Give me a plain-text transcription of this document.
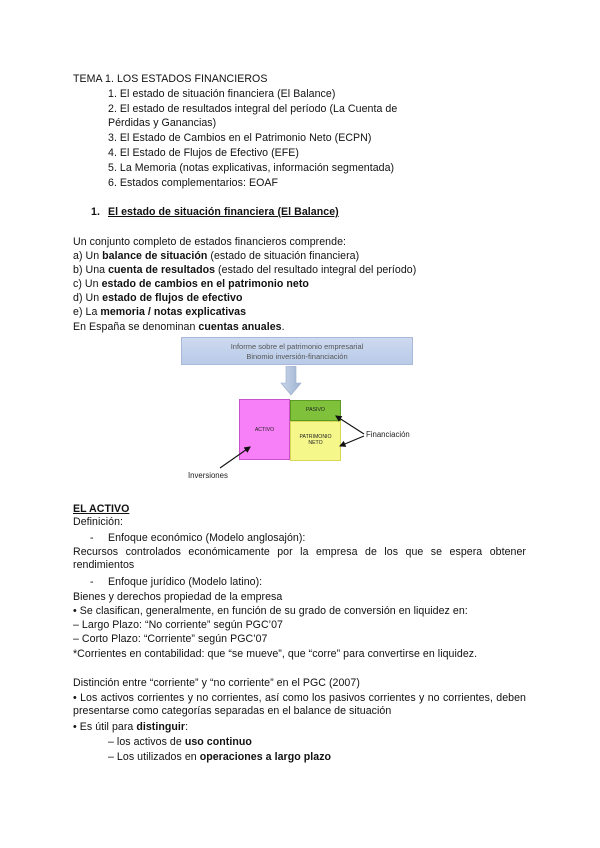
TEMA 1. LOS ESTADOS FINANCIEROS
1. El estado de situación financiera (El Balance)
2. El estado de resultados integral del período (La Cuenta de
Pérdidas y Ganancias)
3. El Estado de Cambios en el Patrimonio Neto (ECPN)
4. El Estado de Flujos de Efectivo (EFE)
5. La Memoria (notas explicativas, información segmentada)
6. Estados complementarios: EOAF
1. El estado de situación financiera (El Balance)
Un conjunto completo de estados financieros comprende:
a) Un balance de situación (estado de situación financiera)
b) Una cuenta de resultados (estado del resultado integral del período)
c) Un estado de cambios en el patrimonio neto
d) Un estado de flujos de efectivo
e) La memoria / notas explicativas
En España se denominan cuentas anuales.
Informe sobre el patrimonio empresarial
Binomio inversión-financiación
ACTIVO
PASIVO
PATRIMONIO
NETO
Financiación
Inversiones
EL ACTIVO
Definición:
- Enfoque económico (Modelo anglosajón):
Recursos controlados económicamente por la empresa de los que se espera obtener rendimientos
- Enfoque jurídico (Modelo latino):
Bienes y derechos propiedad de la empresa
• Se clasifican, generalmente, en función de su grado de conversión en liquidez en:
– Largo Plazo: “No corriente” según PGC’07
– Corto Plazo: “Corriente” según PGC’07
*Corrientes en contabilidad: que “se mueve”, que “corre” para convertirse en liquidez.
Distinción entre “corriente” y “no corriente” en el PGC (2007)
• Los activos corrientes y no corrientes, así como los pasivos corrientes y no corrientes, deben presentarse como categorías separadas en el balance de situación
• Es útil para distinguir:
– los activos de uso continuo
– Los utilizados en operaciones a largo plazo
